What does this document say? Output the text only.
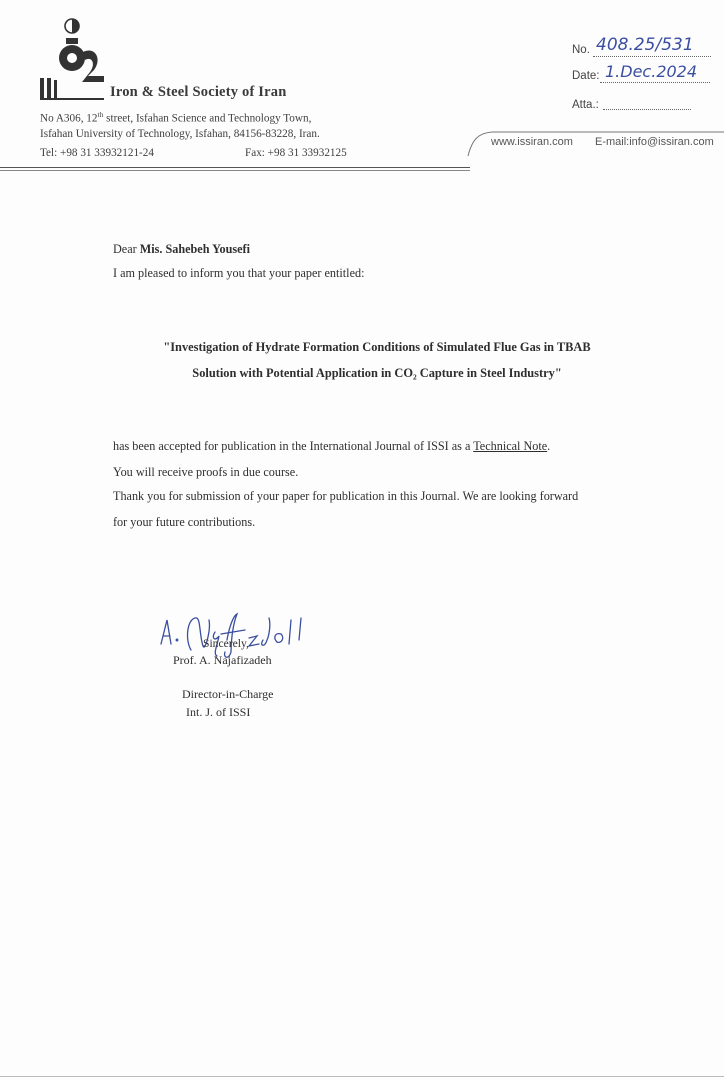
Iron & Steel Society of Iran
No A306, 12th street, Isfahan Science and Technology Town,
Isfahan University of Technology, Isfahan, 84156-83228, Iran.
Tel: +98 31 33932121-24	Fax: +98 31 33932125
No. 408.25/531
Date: 1.Dec.2024
Atta.:
www.issiran.com E-mail:info@issiran.com
Dear Mis. Sahebeh Yousefi
I am pleased to inform you that your paper entitled:
"Investigation of Hydrate Formation Conditions of Simulated Flue Gas in TBAB
Solution with Potential Application in CO₂ Capture in Steel Industry"
has been accepted for publication in the International Journal of ISSI as a Technical Note.
You will receive proofs in due course.
Thank you for submission of your paper for publication in this Journal. We are looking forward
for your future contributions.
Sincerely,
Prof. A. Najafizadeh
Director-in-Charge
Int. J. of ISSI
